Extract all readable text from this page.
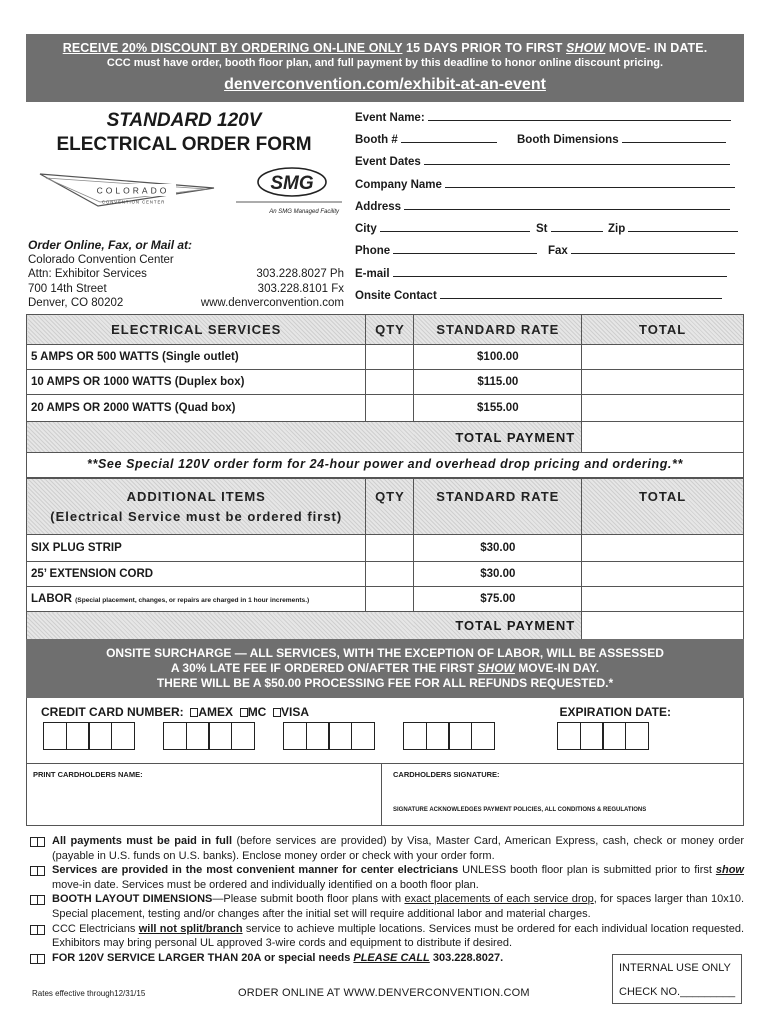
RECEIVE 20% DISCOUNT BY ORDERING ON-LINE ONLY 15 DAYS PRIOR TO FIRST SHOW MOVE- IN DATE.
CCC must have order, booth floor plan, and full payment by this deadline to honor online discount pricing.
denverconvention.com/exhibit-at-an-event
STANDARD 120V
ELECTRICAL ORDER FORM
COLORADO
CONVENTION CENTER
SMG
An SMG Managed Facility
Order Online, Fax, or Mail at:
Colorado Convention Center
Attn: Exhibitor Services	303.228.8027 Ph
700 14th Street	303.228.8101 Fx
Denver, CO 80202	www.denverconvention.com
Event Name:
Booth #	Booth Dimensions
Event Dates
Company Name
Address
City	St	Zip
Phone	Fax
E-mail
Onsite Contact
ELECTRICAL SERVICES	QTY	STANDARD RATE	TOTAL
5 AMPS OR 500 WATTS (Single outlet)		$100.00	
10 AMPS OR 1000 WATTS (Duplex box)		$115.00	
20 AMPS OR 2000 WATTS (Quad box)		$155.00	
		TOTAL PAYMENT	
**See Special 120V order form for 24-hour power and overhead drop pricing and ordering.**
ADDITIONAL ITEMS
(Electrical Service must be ordered first)	QTY	STANDARD RATE	TOTAL
SIX PLUG STRIP		$30.00	
25’ EXTENSION CORD		$30.00	
LABOR (Special placement, changes, or repairs are charged in 1 hour increments.)		$75.00	
		TOTAL PAYMENT	
ONSITE SURCHARGE — ALL SERVICES, WITH THE EXCEPTION OF LABOR, WILL BE ASSESSED
A 30% LATE FEE IF ORDERED ON/AFTER THE FIRST SHOW MOVE-IN DAY.
THERE WILL BE A $50.00 PROCESSING FEE FOR ALL REFUNDS REQUESTED.*
CREDIT CARD NUMBER: AMEX MC VISA	EXPIRATION DATE:
PRINT CARDHOLDERS NAME:	CARDHOLDERS SIGNATURE:
SIGNATURE ACKNOWLEDGES PAYMENT POLICIES, ALL CONDITIONS & REGULATIONS
All payments must be paid in full (before services are provided) by Visa, Master Card, American Express, cash, check or money order (payable in U.S. funds on U.S. banks). Enclose money order or check with your order form.
Services are provided in the most convenient manner for center electricians UNLESS booth floor plan is submitted prior to first show move-in date. Services must be ordered and individually identified on a booth floor plan.
BOOTH LAYOUT DIMENSIONS—Please submit booth floor plans with exact placements of each service drop, for spaces larger than 10x10. Special placement, testing and/or changes after the initial set will require additional labor and material charges.
CCC Electricians will not split/branch service to achieve multiple locations. Services must be ordered for each individual location requested. Exhibitors may bring personal UL approved 3-wire cords and equipment to distribute if desired.
FOR 120V SERVICE LARGER THAN 20A or special needs PLEASE CALL 303.228.8027.
INTERNAL USE ONLY
CHECK NO._________
Rates effective through12/31/15	ORDER ONLINE AT WWW.DENVERCONVENTION.COM
